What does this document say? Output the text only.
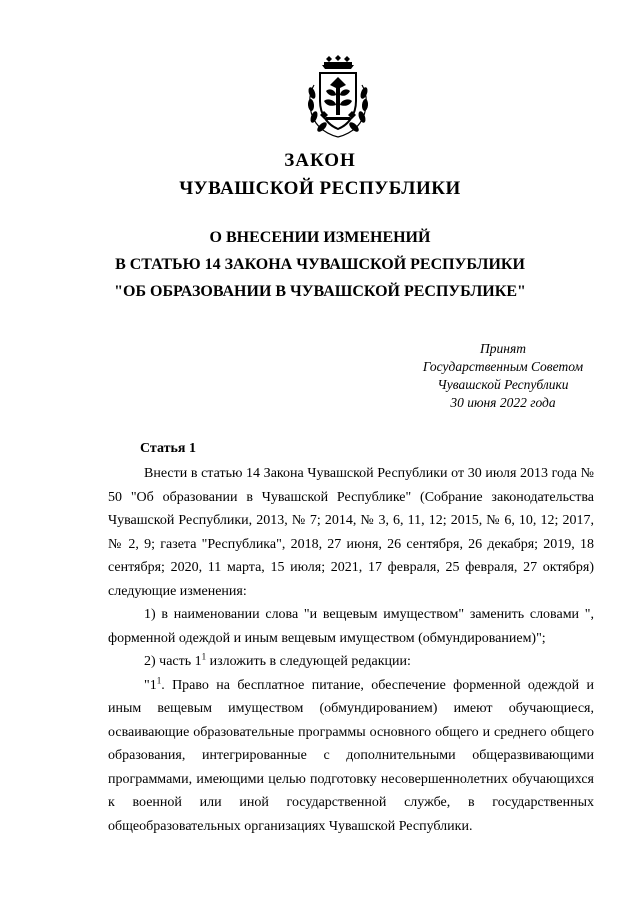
ЗАКОН
ЧУВАШСКОЙ РЕСПУБЛИКИ
О ВНЕСЕНИИ ИЗМЕНЕНИЙ
В СТАТЬЮ 14 ЗАКОНА ЧУВАШСКОЙ РЕСПУБЛИКИ
"ОБ ОБРАЗОВАНИИ В ЧУВАШСКОЙ РЕСПУБЛИКЕ"
Принят
Государственным Советом
Чувашской Республики
30 июня 2022 года
Статья 1

Внести в статью 14 Закона Чувашской Республики от 30 июля 2013 года № 50 "Об образовании в Чувашской Республике" (Собрание законодательства Чувашской Республики, 2013, № 7; 2014, № 3, 6, 11, 12; 2015, № 6, 10, 12; 2017, № 2, 9; газета "Республика", 2018, 27 июня, 26 сентября, 26 декабря; 2019, 18 сентября; 2020, 11 марта, 15 июля; 2021, 17 февраля, 25 февраля, 27 октября) следующие изменения:

1) в наименовании слова "и вещевым имуществом" заменить словами ", форменной одеждой и иным вещевым имуществом (обмундированием)";

2) часть $1^1$ изложить в следующей редакции:

"$1^1$. Право на бесплатное питание, обеспечение форменной одеждой и иным вещевым имуществом (обмундированием) имеют обучающиеся, осваивающие образовательные программы основного общего и среднего общего образования, интегрированные с дополнительными общеразвивающими программами, имеющими целью подготовку несовершеннолетних обучающихся к военной или иной государственной службе, в государственных общеобразовательных организациях Чувашской Республики.
